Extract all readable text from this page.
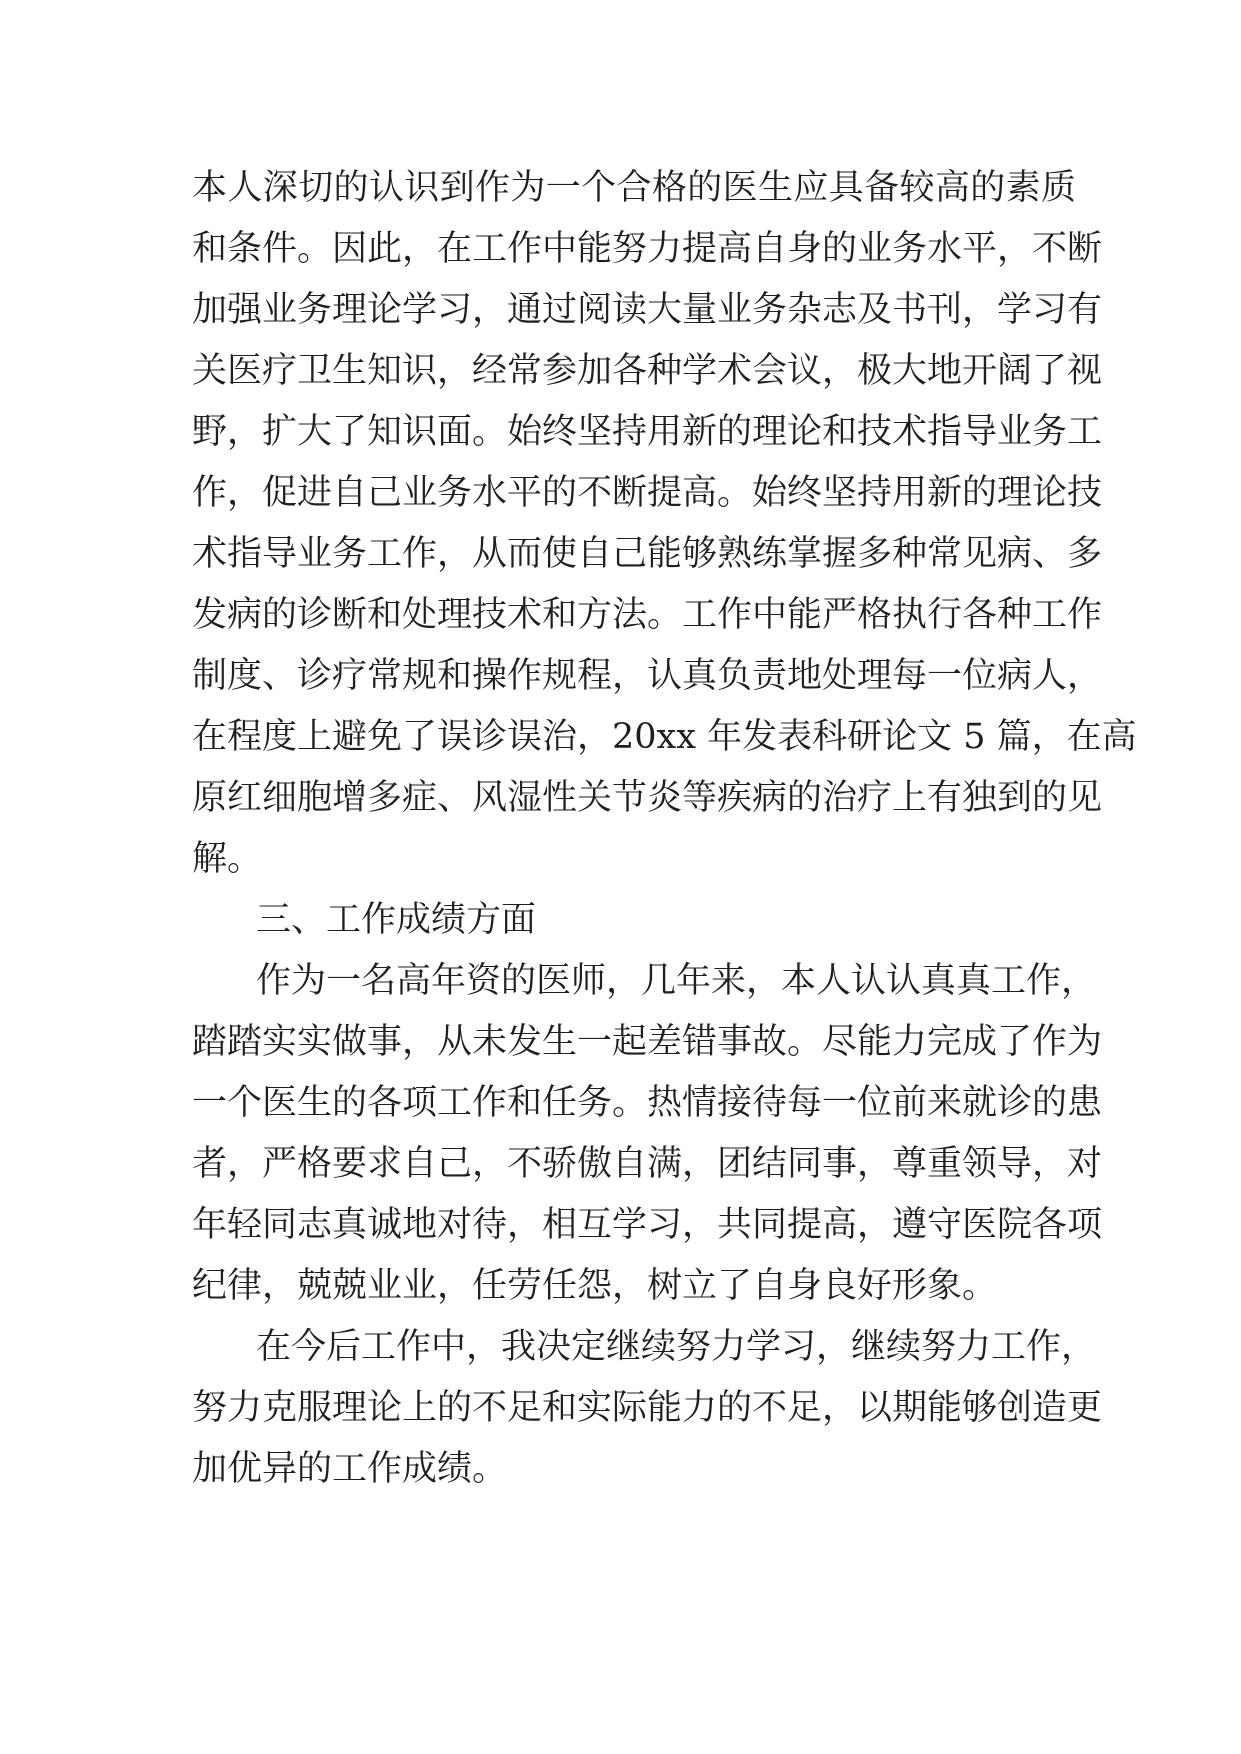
本人深切的认识到作为一个合格的医生应具备较高的素质
和条件。因此，在工作中能努力提高自身的业务水平，不断
加强业务理论学习，通过阅读大量业务杂志及书刊，学习有
关医疗卫生知识，经常参加各种学术会议，极大地开阔了视
野，扩大了知识面。始终坚持用新的理论和技术指导业务工
作，促进自己业务水平的不断提高。始终坚持用新的理论技
术指导业务工作，从而使自己能够熟练掌握多种常见病、多
发病的诊断和处理技术和方法。工作中能严格执行各种工作
制度、诊疗常规和操作规程，认真负责地处理每一位病人，
在程度上避免了误诊误治，20xx 年发表科研论文 5 篇，在高
原红细胞增多症、风湿性关节炎等疾病的治疗上有独到的见
解。
三、工作成绩方面
作为一名高年资的医师，几年来，本人认认真真工作，
踏踏实实做事，从未发生一起差错事故。尽能力完成了作为
一个医生的各项工作和任务。热情接待每一位前来就诊的患
者，严格要求自己，不骄傲自满，团结同事，尊重领导，对
年轻同志真诚地对待，相互学习，共同提高，遵守医院各项
纪律，兢兢业业，任劳任怨，树立了自身良好形象。
在今后工作中，我决定继续努力学习，继续努力工作，
努力克服理论上的不足和实际能力的不足，以期能够创造更
加优异的工作成绩。
